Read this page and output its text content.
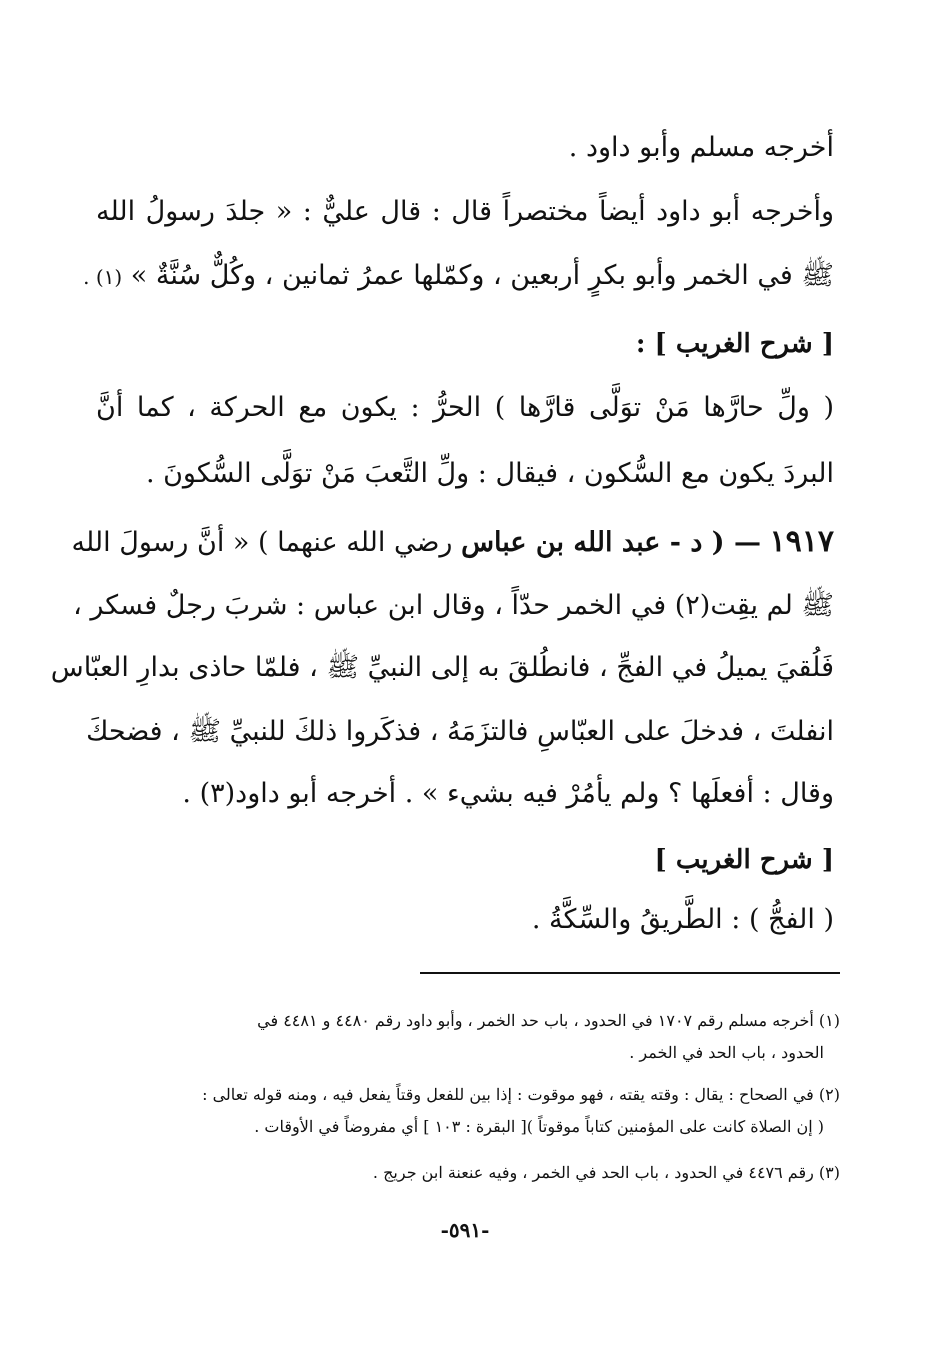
أخرجه مسلم وأبو داود .
وأخرجه أبو داود أيضاً مختصراً قال : قال عليٌّ : « جلدَ رسولُ الله
ﷺ في الخمر وأبو بكرٍ أربعين ، وكمّلها عمرُ ثمانين ، وكُلٌّ سُنَّةٌ » (١) .
[ شرح الغريب ] :
( ولِّ حارَّها مَنْ توَلَّى قارَّها ) الحرُّ : يكون مع الحركة ، كما أنَّ
البردَ يكون مع السُّكون ، فيقال : ولِّ التَّعبَ مَنْ توَلَّى السُّكونَ .
١٩١٧ — ( د - عبد الله بن عباس رضي الله عنهما ) « أنَّ رسولَ الله
ﷺ لم يقِت(٢) في الخمر حدّاً ، وقال ابن عباس : شربَ رجلٌ فسكر ،
فَلُقيَ يميلُ في الفجِّ ، فانطُلقَ به إلى النبيِّ ﷺ ، فلمّا حاذى بدارِ العبّاس
انفلتَ ، فدخلَ على العبّاسِ فالتزَمَهُ ، فذكَروا ذلكَ للنبيِّ ﷺ ، فضحكَ
وقال : أفعلَها ؟ ولم يأمُرْ فيه بشيء » . أخرجه أبو داود(٣) .
[ شرح الغريب ]
( الفجُّ ) : الطَّريقُ والسِّكَّةُ .
(١) أخرجه مسلم رقم ١٧٠٧ في الحدود ، باب حد الخمر ، وأبو داود رقم ٤٤٨٠ و ٤٤٨١ في
الحدود ، باب الحد في الخمر .
(٢) في الصحاح : يقال : وقته يقته ، فهو موقوت : إذا بين للفعل وقتاً يفعل فيه ، ومنه قوله تعالى :
( إن الصلاة كانت على المؤمنين كتاباً موقوتاً )[ البقرة : ١٠٣ ] أي مفروضاً في الأوقات .
(٣) رقم ٤٤٧٦ في الحدود ، باب الحد في الخمر ، وفيه عنعنة ابن جريج .
-٥٩١-
